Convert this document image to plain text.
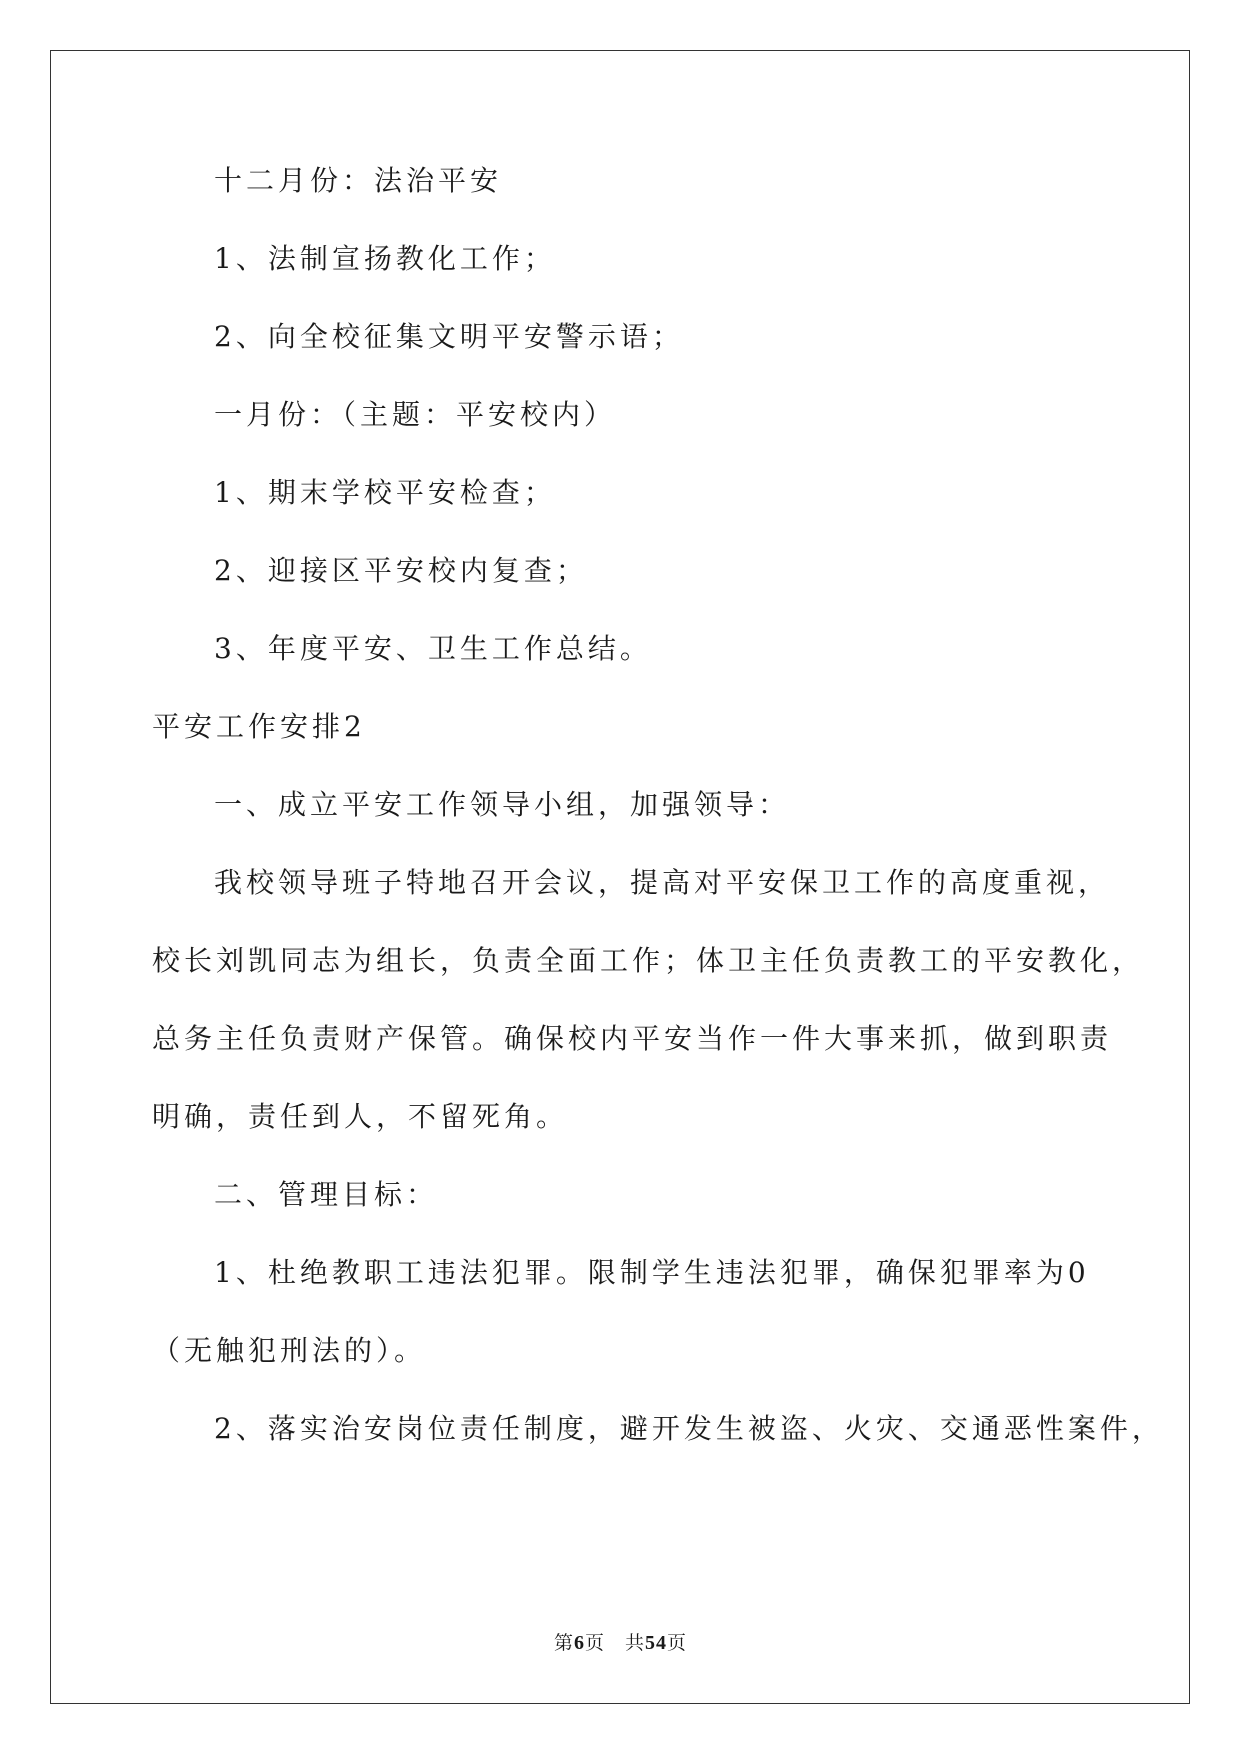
十二月份：法治平安

1、法制宣扬教化工作；

2、向全校征集文明平安警示语；

一月份：（主题：平安校内）

1、期末学校平安检查；

2、迎接区平安校内复查；

3、年度平安、卫生工作总结。

平安工作安排2

一、成立平安工作领导小组，加强领导：

我校领导班子特地召开会议，提高对平安保卫工作的高度重视，

校长刘凯同志为组长，负责全面工作；体卫主任负责教工的平安教化，

总务主任负责财产保管。确保校内平安当作一件大事来抓，做到职责

明确，责任到人，不留死角。

二、管理目标：

1、杜绝教职工违法犯罪。限制学生违法犯罪，确保犯罪率为0

（无触犯刑法的）。

2、落实治安岗位责任制度，避开发生被盗、火灾、交通恶性案件，

第6页　共54页
